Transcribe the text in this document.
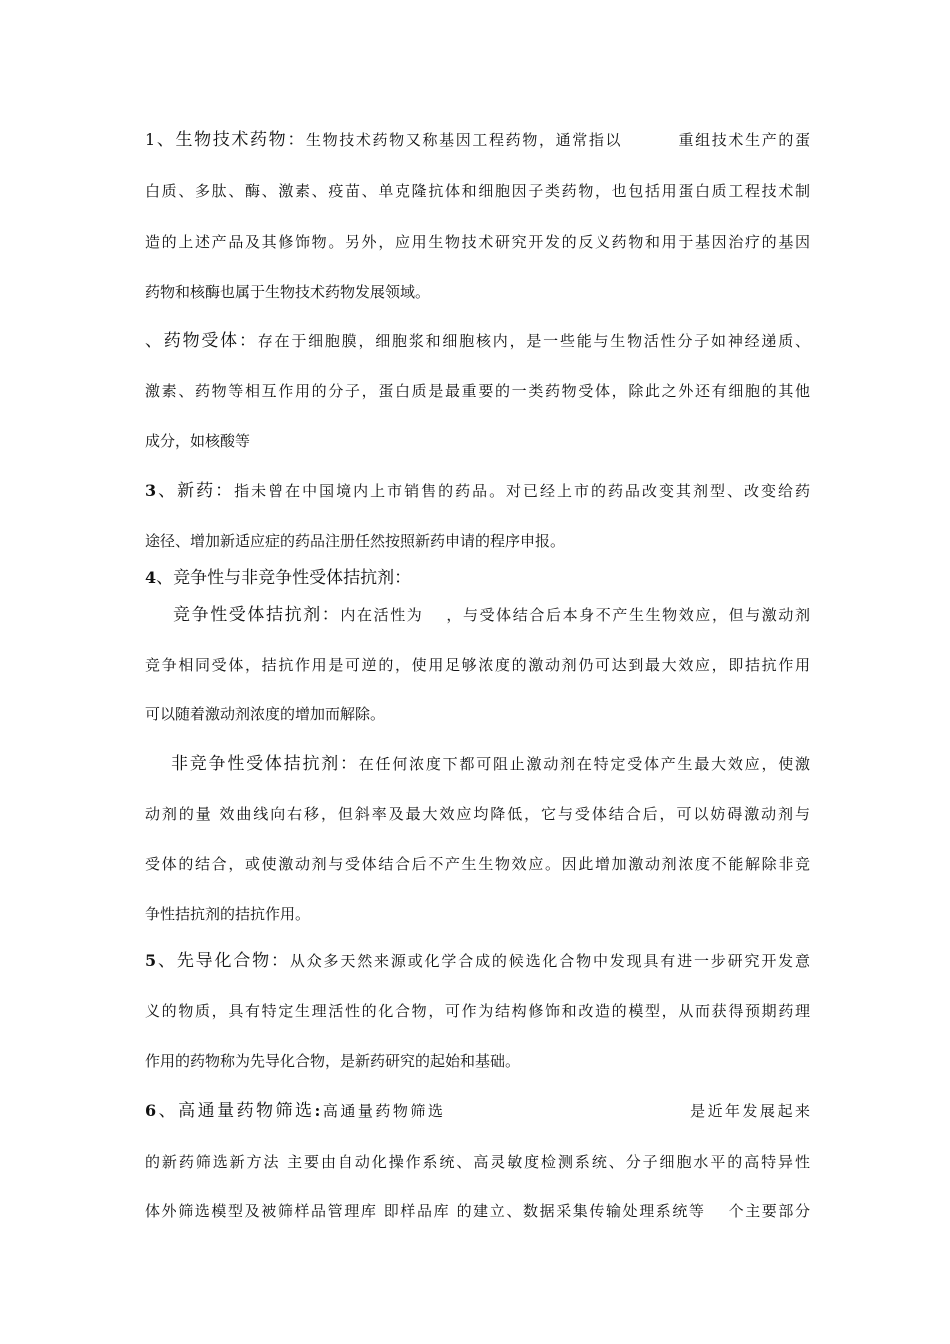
1、生物技术药物：生物技术药物又称基因工程药物，通常指以 　　　重组技术生产的蛋
白质、多肽、酶、激素、疫苗、单克隆抗体和细胞因子类药物，也包括用蛋白质工程技术制
造的上述产品及其修饰物。另外，应用生物技术研究开发的反义药物和用于基因治疗的基因
药物和核酶也属于生物技术药物发展领域。
、药物受体：存在于细胞膜，细胞浆和细胞核内，是一些能与生物活性分子如神经递质、
激素、药物等相互作用的分子，蛋白质是最重要的一类药物受体，除此之外还有细胞的其他
成分，如核酸等
3、新药：指未曾在中国境内上市销售的药品。对已经上市的药品改变其剂型、改变给药
途径、增加新适应症的药品注册任然按照新药申请的程序申报。
4、竞争性与非竞争性受体拮抗剂：
竞争性受体拮抗剂：内在活性为 　，与受体结合后本身不产生生物效应，但与激动剂
竞争相同受体，拮抗作用是可逆的，使用足够浓度的激动剂仍可达到最大效应，即拮抗作用
可以随着激动剂浓度的增加而解除。
非竞争性受体拮抗剂：在任何浓度下都可阻止激动剂在特定受体产生最大效应，使激
动剂的量 效曲线向右移，但斜率及最大效应均降低，它与受体结合后，可以妨碍激动剂与
受体的结合，或使激动剂与受体结合后不产生生物效应。因此增加激动剂浓度不能解除非竞
争性拮抗剂的拮抗作用。
5、先导化合物：从众多天然来源或化学合成的候选化合物中发现具有进一步研究开发意
义的物质，具有特定生理活性的化合物，可作为结构修饰和改造的模型，从而获得预期药理
作用的药物称为先导化合物，是新药研究的起始和基础。
6、高通量药物筛选:高通量药物筛选　　　　　　　　　　　　　　是近年发展起来
的新药筛选新方法 主要由自动化操作系统、高灵敏度检测系统、分子细胞水平的高特异性
体外筛选模型及被筛样品管理库 即样品库 的建立、数据采集传输处理系统等 　个主要部分
